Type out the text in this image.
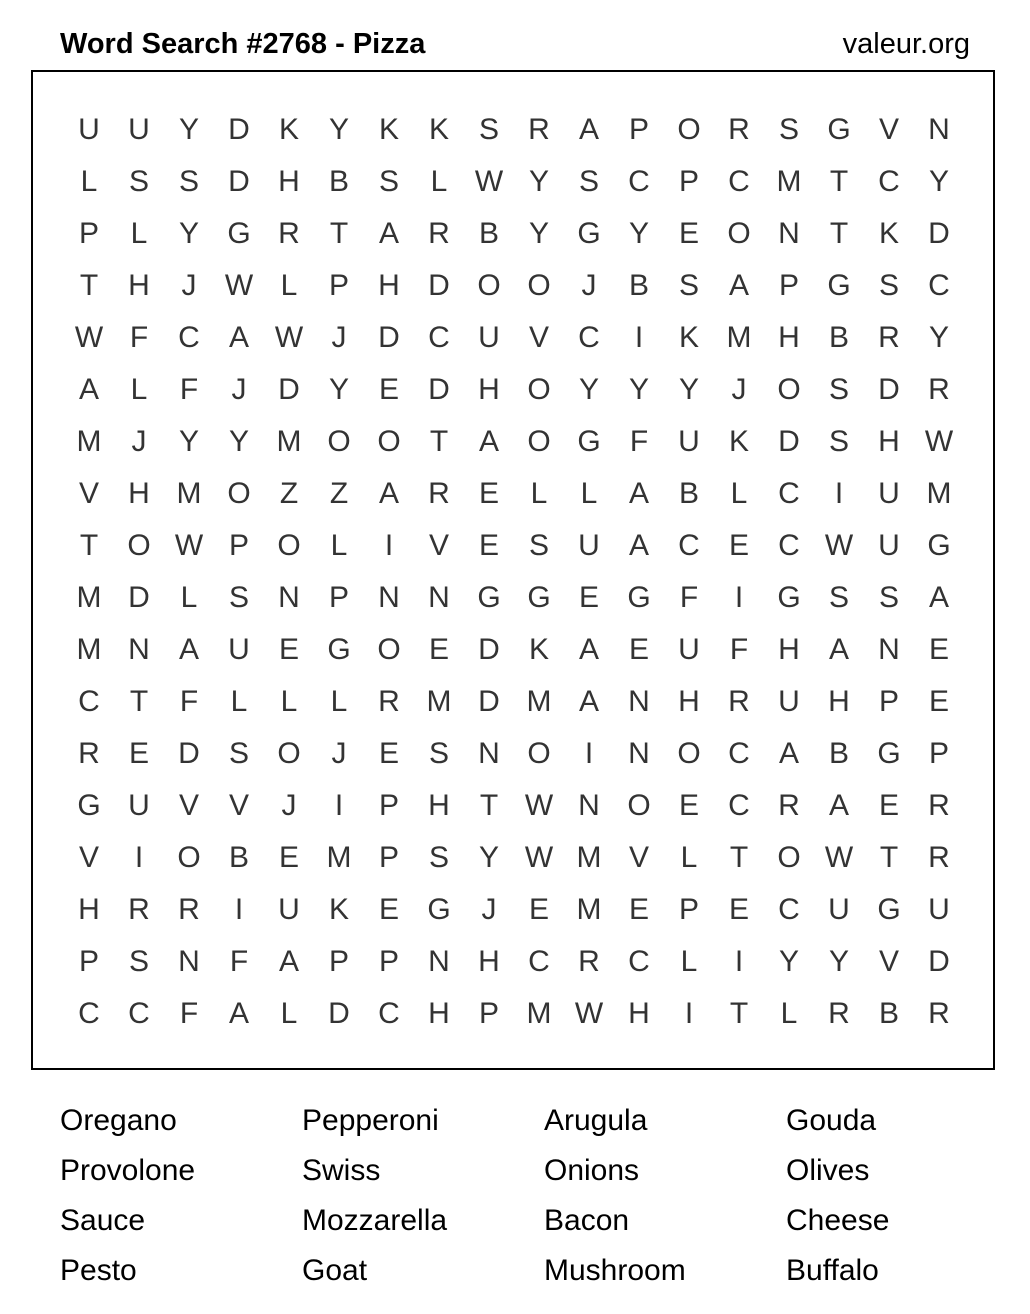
Word Search #2768 - Pizza	valeur.org
U U Y D K Y K K S R A P O R S G V N
L	S S D H B S	L W Y S C P C M T	C Y
P	L	Y G R	T	A R B Y G Y E O N	T	K D
T	H	J W L	P H D O O	J	B S A P G S C
W F	C A W J	D C U V C	I	K M H B R Y
A	L	F	J	D Y E D H O Y Y Y	J	O S D R
M	J	Y Y M O O T	A O G F	U K D S H W
V H M O Z	Z	A R E	L	L	A B	L	C	I	U M
T O W P O L	I	V E S U A C E C W U G
M D	L	S N P N N G G E G F	I	G S S A
M N A U E G O E D K A E U	F	H A N E
C	T	F	L	L	L	R M D M A N H R U H P E
R E D S O	J	E S N O	I	N O C A B G P
G U V V	J	I	P H	T W N O E C R A E R
V	I	O B E M P S Y W M V	L	T O W T	R
H R R	I	U K E G	J	E M E P E C U G U
P S N	F	A P P N H C R C	L	I	Y Y V D
C C	F	A	L	D C H P M W H	I	T	L	R B R
Oregano	Pepperoni	Arugula	Gouda
Provolone	Swiss	Onions	Olives
Sauce	Mozzarella	Bacon	Cheese
Pesto	Goat	Mushroom	Buffalo
